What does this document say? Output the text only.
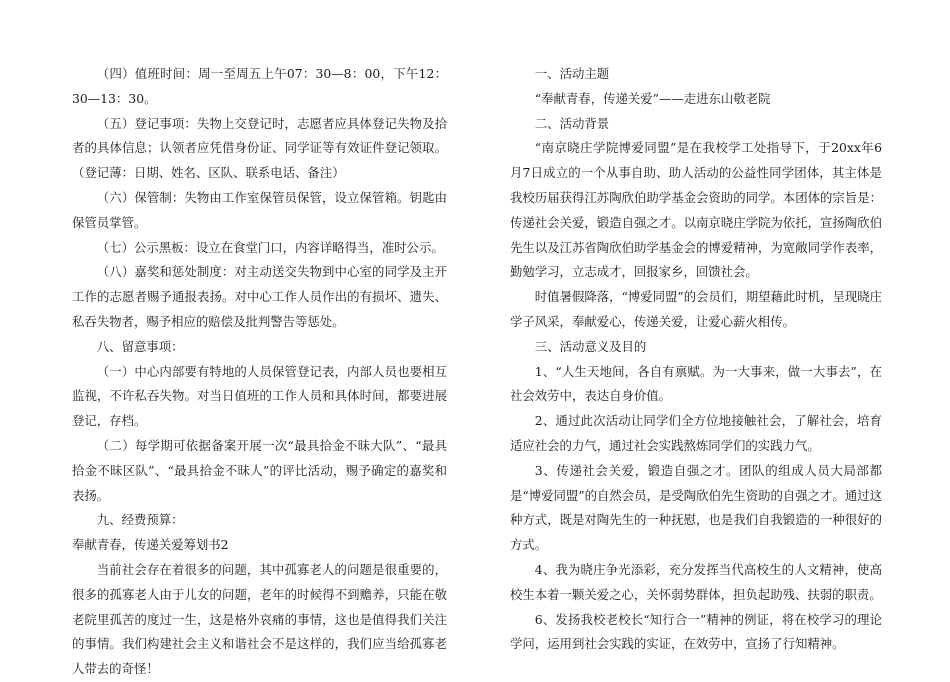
（四）值班时间：周一至周五上午07：30—8：00，下午12：30—13：30。

（五）登记事项：失物上交登记时，志愿者应具体登记失物及拾者的具体信息；认领者应凭借身份证、同学证等有效证件登记领取。（登记薄：日期、姓名、区队、联系电话、备注）

（六）保管制：失物由工作室保管员保管，设立保管箱。钥匙由保管员掌管。

（七）公示黑板：设立在食堂门口，内容详略得当，准时公示。

（八）嘉奖和惩处制度：对主动送交失物到中心室的同学及主开工作的志愿者赐予通报表扬。对中心工作人员作出的有损坏、遗失、私吞失物者，赐予相应的赔偿及批判警告等惩处。

八、留意事项：

（一）中心内部要有特地的人员保管登记表，内部人员也要相互监视，不许私吞失物。对当日值班的工作人员和具体时间，都要进展登记，存档。

（二）每学期可依据备案开展一次“最具拾金不昧大队”、“最具拾金不昧区队”、“最具拾金不昧人”的评比活动，赐予确定的嘉奖和表扬。

九、经费预算：

奉献青春，传递关爱筹划书2

当前社会存在着很多的问题，其中孤寡老人的问题是很重要的，很多的孤寡老人由于儿女的问题，老年的时候得不到赡养，只能在敬老院里孤苦的度过一生，这是格外哀痛的事情，这也是值得我们关注的事情。我们构建社会主义和谐社会不是这样的，我们应当给孤寡老人带去的奇怪！

一、活动主题

“奉献青春，传递关爱”——走进东山敬老院

二、活动背景

“南京晓庄学院博爱同盟”是在我校学工处指导下，于20xx年6月7日成立的一个从事自助、助人活动的公益性同学团体，其主体是我校历届获得江苏陶欣伯助学基金会资助的同学。本团体的宗旨是：传递社会关爱，锻造自强之才。以南京晓庄学院为依托，宣扬陶欣伯先生以及江苏省陶欣伯助学基金会的博爱精神，为宽敞同学作表率，勤勉学习，立志成才，回报家乡，回馈社会。

时值暑假降落，“博爱同盟”的会员们，期望藉此时机，呈现晓庄学子风采，奉献爱心，传递关爱，让爱心薪火相传。

三、活动意义及目的

1、“人生天地间，各自有禀赋。为一大事来，做一大事去”，在社会效劳中，表达自身价值。

2、通过此次活动让同学们全方位地接触社会，了解社会，培育适应社会的力气，通过社会实践熬炼同学们的实践力气。

3、传递社会关爱，锻造自强之才。团队的组成人员大局部都是“博爱同盟”的自然会员，是受陶欣伯先生资助的自强之才。通过这种方式，既是对陶先生的一种抚慰，也是我们自我锻造的一种很好的方式。

4、我为晓庄争光添彩，充分发挥当代高校生的人文精神，使高校生本着一颗关爱之心，关怀弱势群体，担负起助残、扶弱的职责。

6、发扬我校老校长“知行合一”精神的例证，将在校学习的理论学问，运用到社会实践的实证，在效劳中，宣扬了行知精神。
